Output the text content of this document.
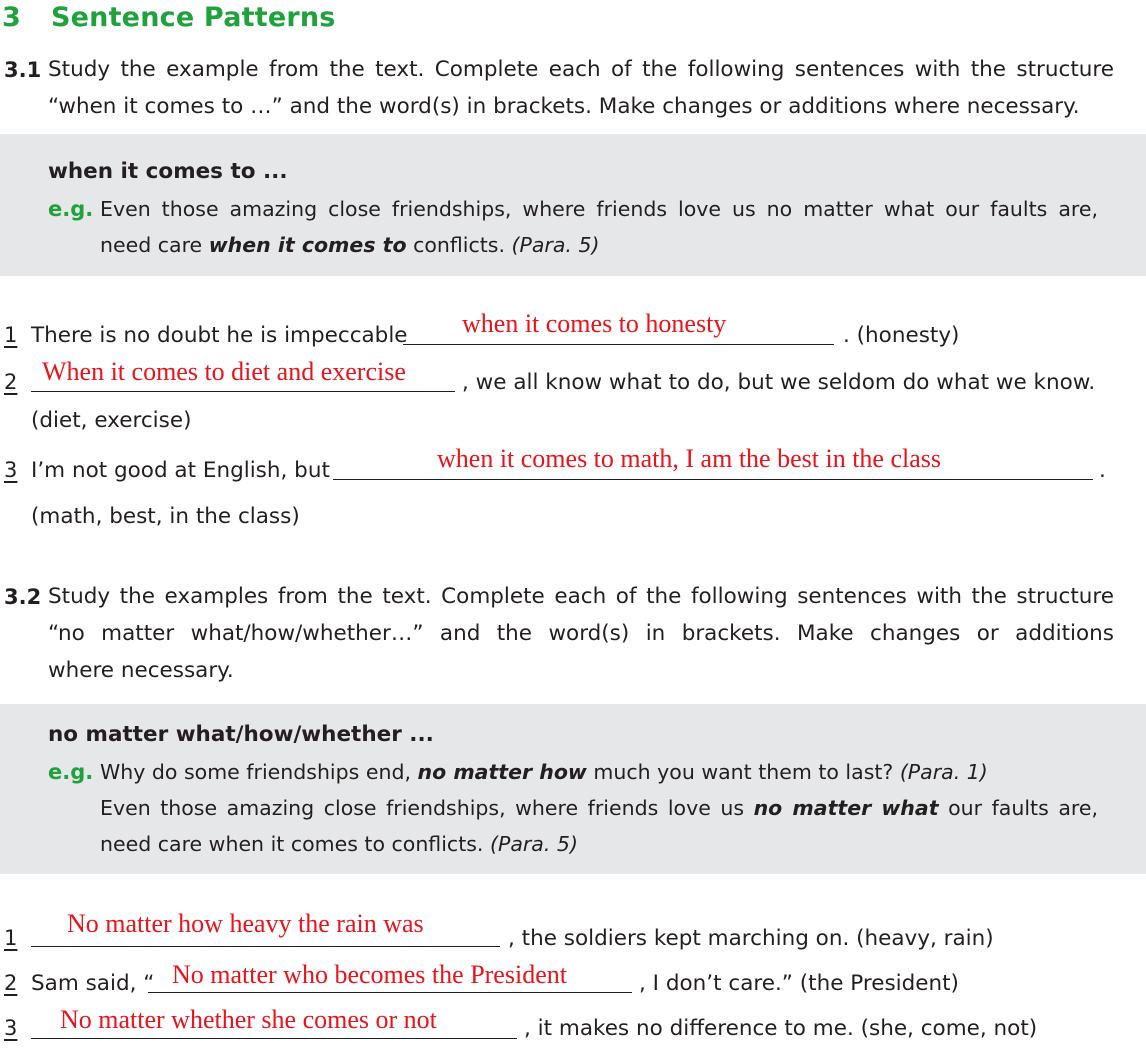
3 Sentence Patterns
3.1 Study the example from the text. Complete each of the following sentences with the structure
“when it comes to …” and the word(s) in brackets. Make changes or additions where necessary.
when it comes to ...
e.g. Even those amazing close friendships, where friends love us no matter what our faults are,
need care when it comes to conflicts. (Para. 5)
1 There is no doubt he is impeccable when it comes to honesty	. (honesty)
2 When it comes to diet and exercise	, we all know what to do, but we seldom do what we know.
(diet, exercise)
3 I’m not good at English, but	when it comes to math, I am the best in the class	.
(math, best, in the class)
3.2 Study the examples from the text. Complete each of the following sentences with the structure
“no matter what/how/whether…” and the word(s) in brackets. Make changes or additions
where necessary.
no matter what/how/whether ...
e.g. Why do some friendships end, no matter how much you want them to last? (Para. 1)
Even those amazing close friendships, where friends love us no matter what our faults are,
need care when it comes to conflicts. (Para. 5)
1 No matter how heavy the rain was
, the soldiers kept marching on. (heavy, rain)
2 Sam said, “ No matter who becomes the President	, I don’t care.” (the President)
3 No matter whether she comes or not	, it makes no difference to me. (she, come, not)
